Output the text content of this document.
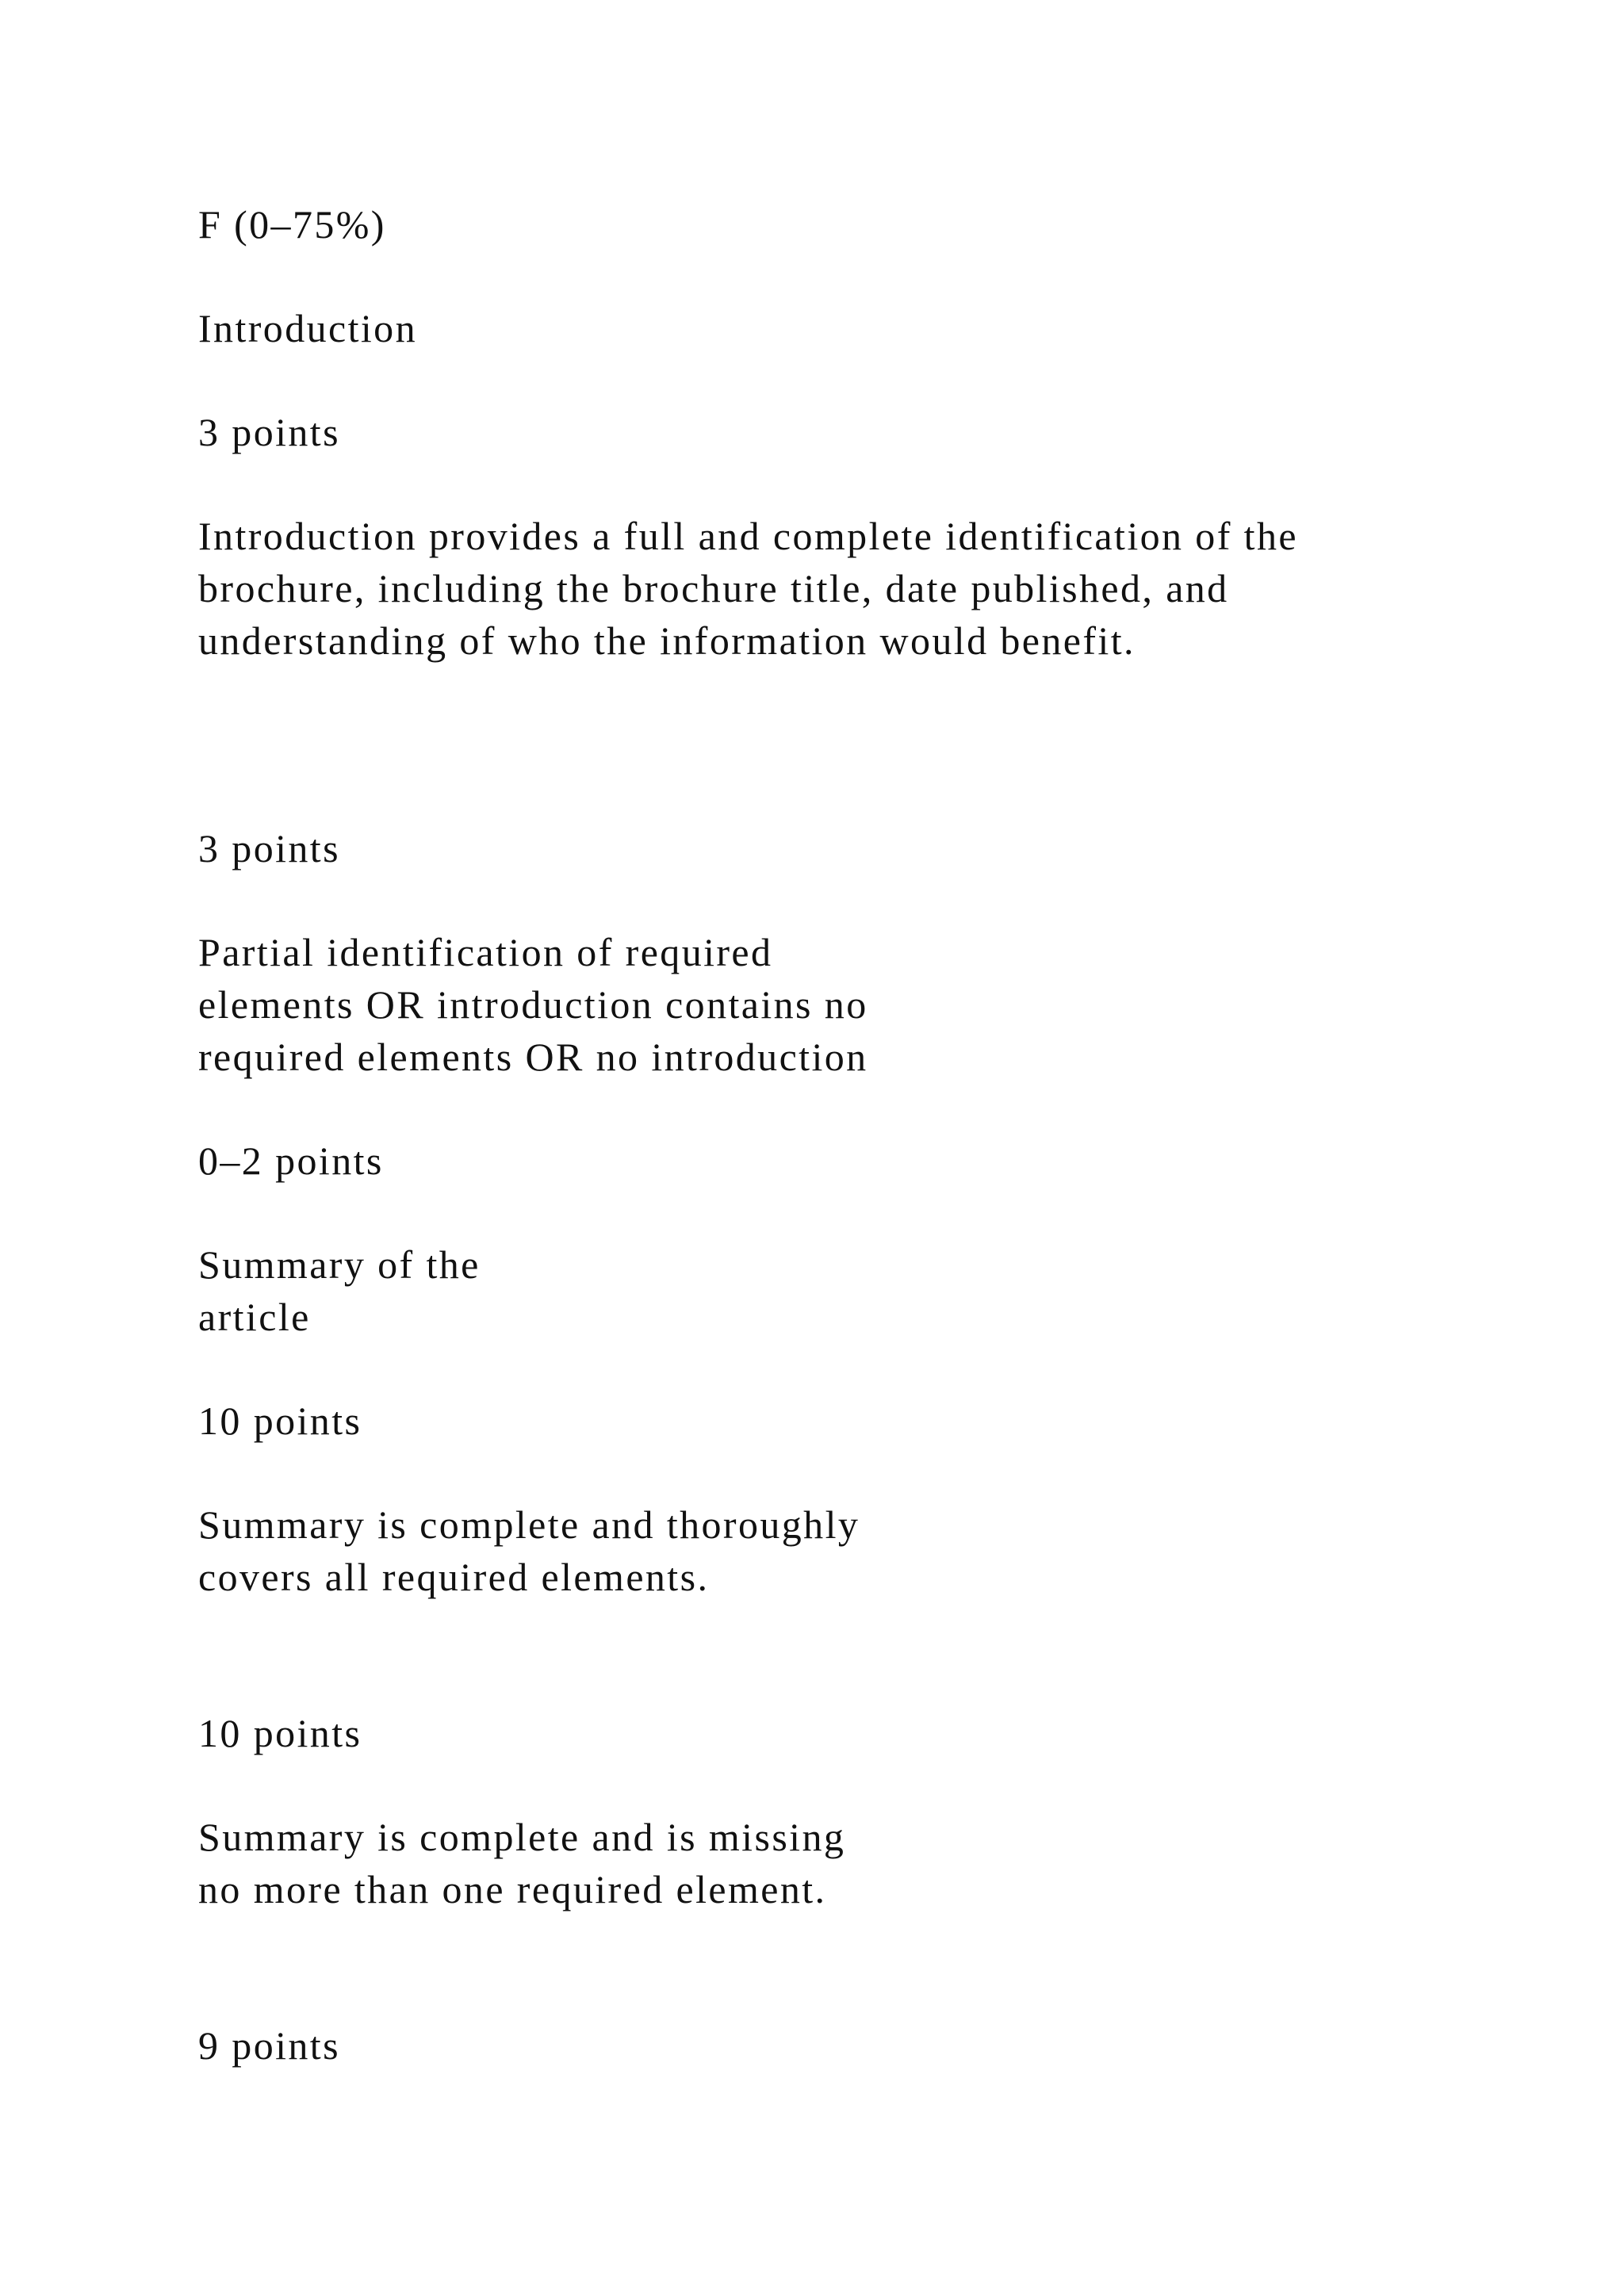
F (0–75%)

Introduction

3 points

Introduction provides a full and complete identification of the

brochure, including the brochure title, date published, and

understanding of who the information would benefit.

3 points

Partial identification of required

elements OR introduction contains no

required elements OR no introduction

0–2 points

Summary of the

article

10 points

Summary is complete and thoroughly

covers all required elements.

10 points

Summary is complete and is missing

no more than one required element.

9 points
